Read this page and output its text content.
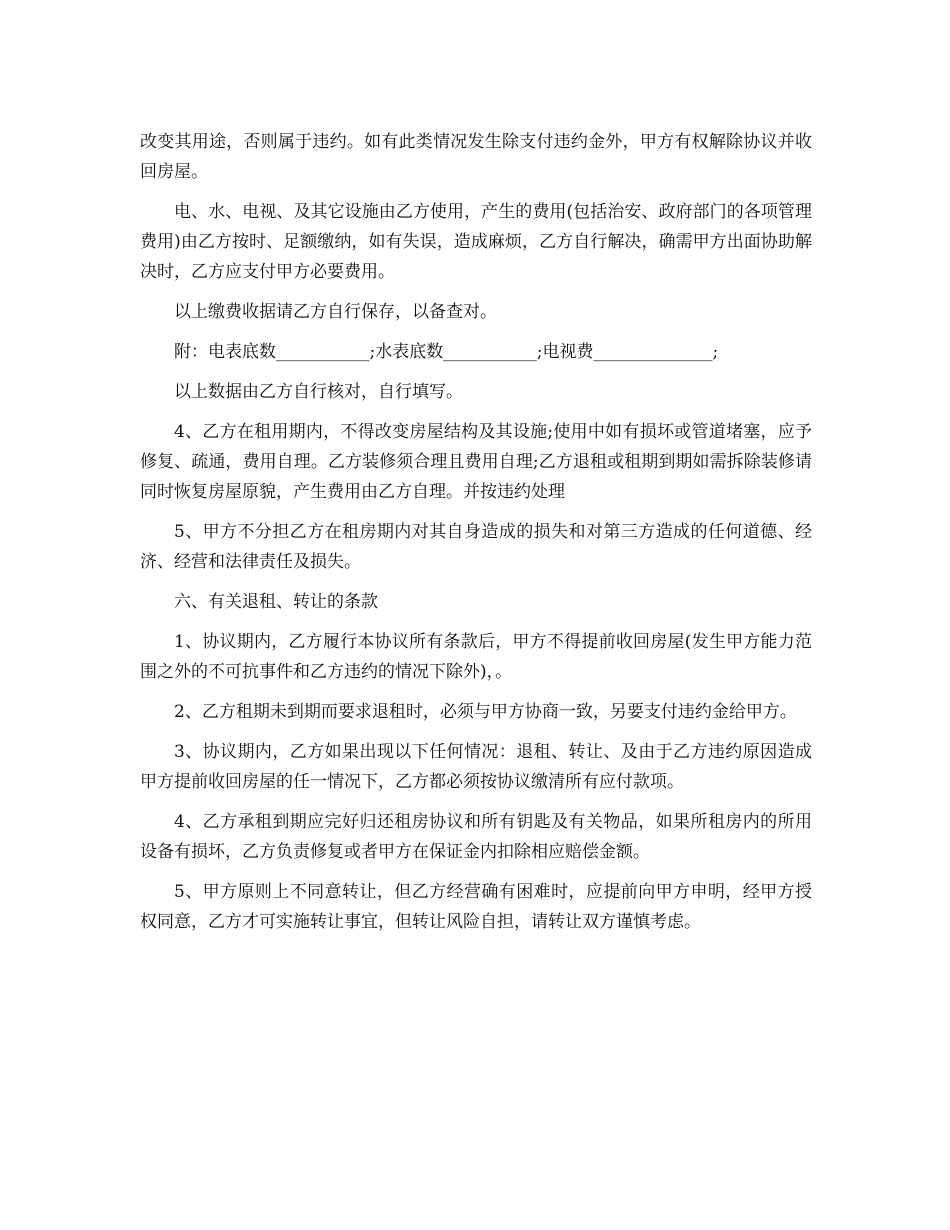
改变其用途，否则属于违约。如有此类情况发生除支付违约金外，甲方有权解除协议并收回房屋。

电、水、电视、及其它设施由乙方使用，产生的费用(包括治安、政府部门的各项管理费用)由乙方按时、足额缴纳，如有失误，造成麻烦，乙方自行解决，确需甲方出面协助解决时，乙方应支付甲方必要费用。

以上缴费收据请乙方自行保存，以备查对。

附：电表底数___________;水表底数___________;电视费______________;

以上数据由乙方自行核对，自行填写。

4、乙方在租用期内，不得改变房屋结构及其设施;使用中如有损坏或管道堵塞，应予修复、疏通，费用自理。乙方装修须合理且费用自理;乙方退租或租期到期如需拆除装修请同时恢复房屋原貌，产生费用由乙方自理。并按违约处理

5、甲方不分担乙方在租房期内对其自身造成的损失和对第三方造成的任何道德、经济、经营和法律责任及损失。

六、有关退租、转让的条款

1、协议期内，乙方履行本协议所有条款后，甲方不得提前收回房屋(发生甲方能力范围之外的不可抗事件和乙方违约的情况下除外)，。

2、乙方租期未到期而要求退租时，必须与甲方协商一致，另要支付违约金给甲方。

3、协议期内，乙方如果出现以下任何情况：退租、转让、及由于乙方违约原因造成甲方提前收回房屋的任一情况下，乙方都必须按协议缴清所有应付款项。

4、乙方承租到期应完好归还租房协议和所有钥匙及有关物品，如果所租房内的所用设备有损坏，乙方负责修复或者甲方在保证金内扣除相应赔偿金额。

5、甲方原则上不同意转让，但乙方经营确有困难时，应提前向甲方申明，经甲方授权同意，乙方才可实施转让事宜，但转让风险自担，请转让双方谨慎考虑。
